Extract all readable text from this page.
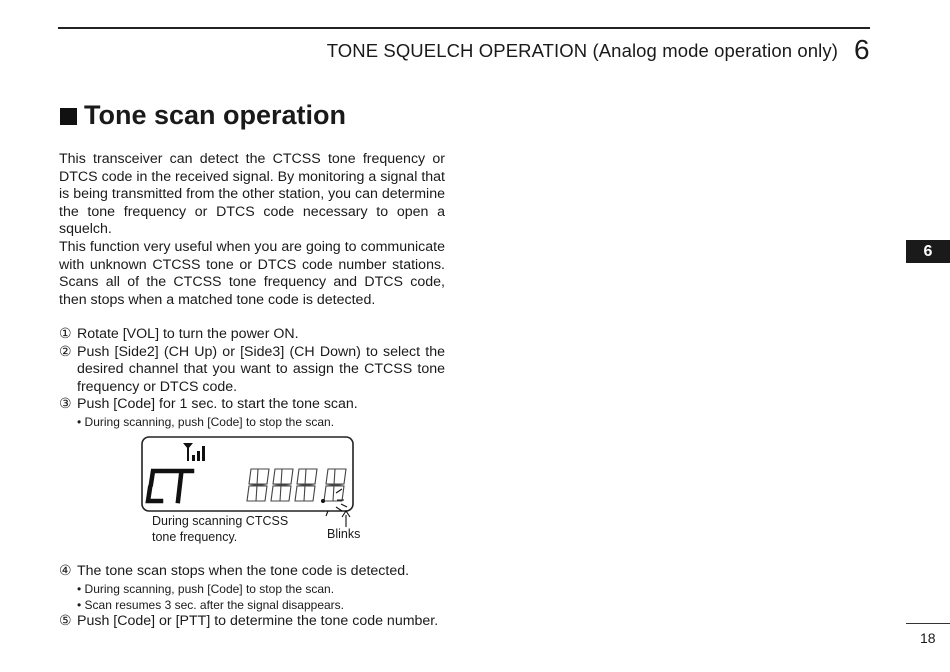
TONE SQUELCH OPERATION (Analog mode operation only) 6
Tone scan operation

This transceiver can detect the CTCSS tone frequency or DTCS code in the received signal. By monitoring a signal that is being transmitted from the other station, you can determine the tone frequency or DTCS code necessary to open a squelch.

This function very useful when you are going to communicate with unknown CTCSS tone or DTCS code number stations. Scans all of the CTCSS tone frequency and DTCS code, then stops when a matched tone code is detected.

① Rotate [VOL] to turn the power ON.
② Push [Side2] (CH Up) or [Side3] (CH Down) to select the desired channel that you want to assign the CTCSS tone frequency or DTCS code.
③ Push [Code] for 1 sec. to start the tone scan.
• During scanning, push [Code] to stop the scan.
During scanning CTCSS tone frequency.	Blinks
④ The tone scan stops when the tone code is detected.
• During scanning, push [Code] to stop the scan.
• Scan resumes 3 sec. after the signal disappears.
⑤ Push [Code] or [PTT] to determine the tone code number.
6
18
